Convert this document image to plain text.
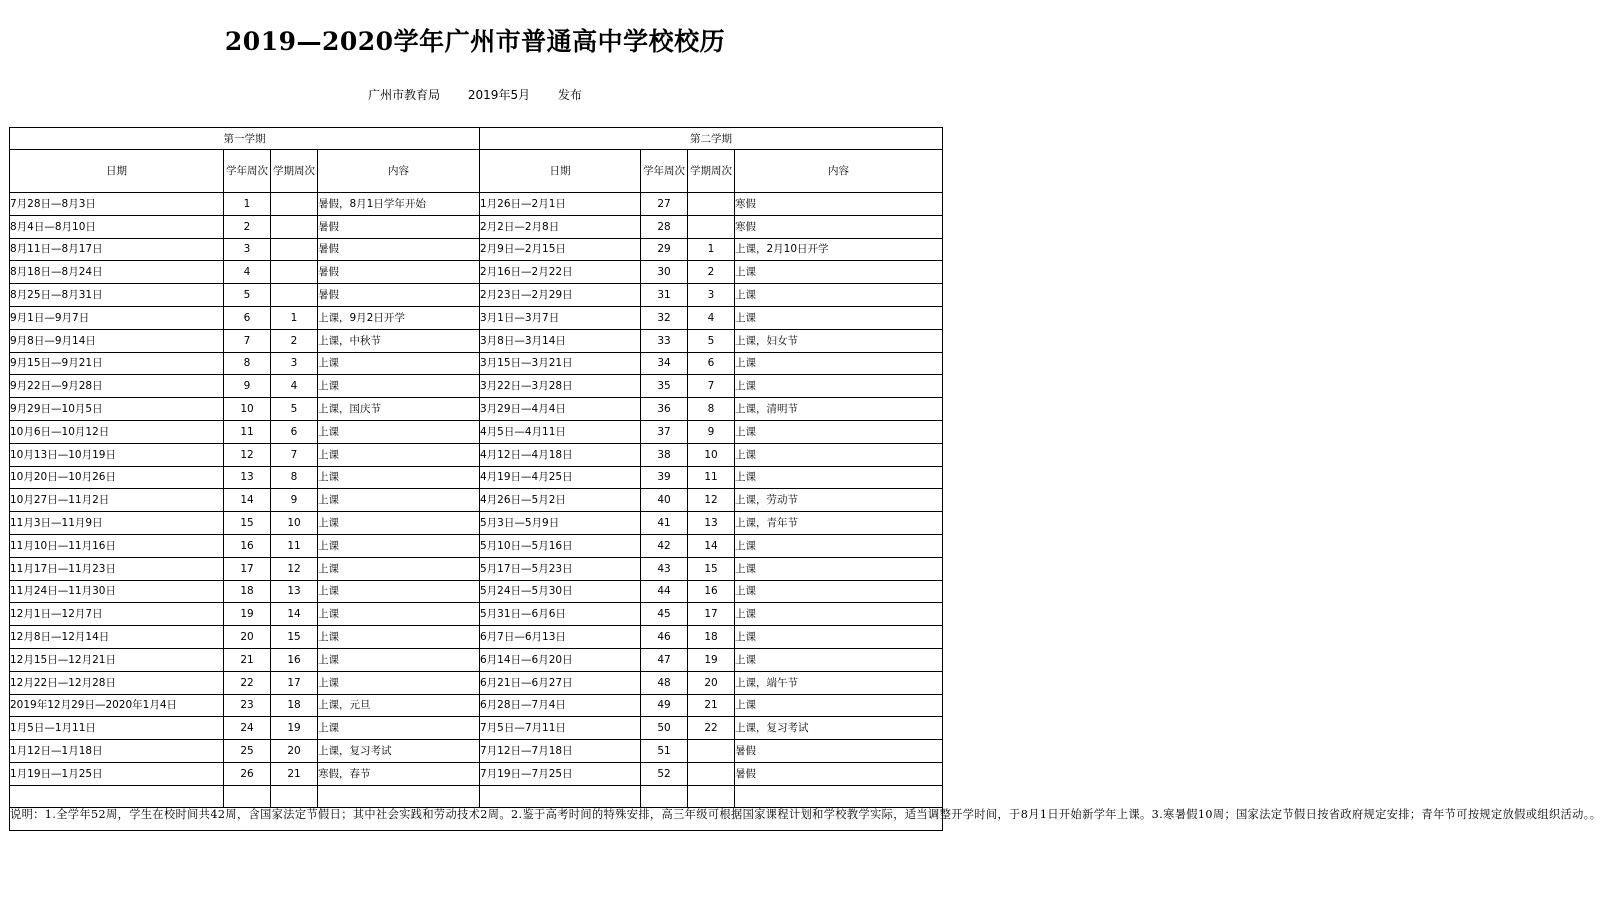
2019—2020学年广州市普通高中学校校历
广州市教育局 2019年5月 发布
第一学期				第二学期			
日期	学年周次	学期周次	内容	日期	学年周次	学期周次	内容
7月28日—8月3日	1		暑假，8月1日学年开始	1月26日—2月1日	27		寒假
8月4日—8月10日	2		暑假	2月2日—2月8日	28		寒假
8月11日—8月17日	3		暑假	2月9日—2月15日	29	1	上课，2月10日开学
8月18日—8月24日	4		暑假	2月16日—2月22日	30	2	上课
8月25日—8月31日	5		暑假	2月23日—2月29日	31	3	上课
9月1日—9月7日	6	1	上课，9月2日开学	3月1日—3月7日	32	4	上课
9月8日—9月14日	7	2	上课，中秋节	3月8日—3月14日	33	5	上课，妇女节
9月15日—9月21日	8	3	上课	3月15日—3月21日	34	6	上课
9月22日—9月28日	9	4	上课	3月22日—3月28日	35	7	上课
9月29日—10月5日	10	5	上课，国庆节	3月29日—4月4日	36	8	上课，清明节
10月6日—10月12日	11	6	上课	4月5日—4月11日	37	9	上课
10月13日—10月19日	12	7	上课	4月12日—4月18日	38	10	上课
10月20日—10月26日	13	8	上课	4月19日—4月25日	39	11	上课
10月27日—11月2日	14	9	上课	4月26日—5月2日	40	12	上课，劳动节
11月3日—11月9日	15	10	上课	5月3日—5月9日	41	13	上课，青年节
11月10日—11月16日	16	11	上课	5月10日—5月16日	42	14	上课
11月17日—11月23日	17	12	上课	5月17日—5月23日	43	15	上课
11月24日—11月30日	18	13	上课	5月24日—5月30日	44	16	上课
12月1日—12月7日	19	14	上课	5月31日—6月6日	45	17	上课
12月8日—12月14日	20	15	上课	6月7日—6月13日	46	18	上课
12月15日—12月21日	21	16	上课	6月14日—6月20日	47	19	上课
12月22日—12月28日	22	17	上课	6月21日—6月27日	48	20	上课，端午节
2019年12月29日—2020年1月4日	23	18	上课，元旦	6月28日—7月4日	49	21	上课
1月5日—1月11日	24	19	上课	7月5日—7月11日	50	22	上课，复习考试
1月12日—1月18日	25	20	上课，复习考试	7月12日—7月18日	51		暑假
1月19日—1月25日	26	21	寒假，春节	7月19日—7月25日	52		暑假

说明：1.全学年52周，学生在校时间共42周，含国家法定节假日；其中社会实践和劳动技术2周。2.鉴于高考时间的特殊安排，高三年级可根据国家课程计划和学校教学实际，适当调整开学时间，于8月1日开始新学年上课。3.寒暑假10周；国家法定节假日按省政府规定安排；青年节可按规定放假或组织活动。。							
